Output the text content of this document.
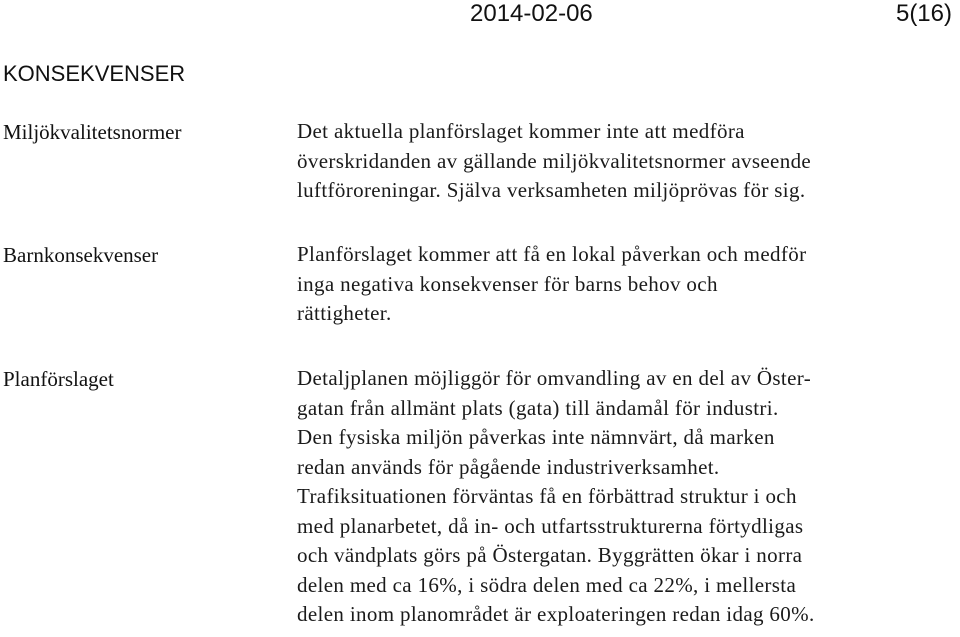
2014-02-06	5(16)
KONSEKVENSER
Miljökvalitetsnormer	Det aktuella planförslaget kommer inte att medföra
överskridanden av gällande miljökvalitetsnormer avseende
luftföroreningar. Själva verksamheten miljöprövas för sig.
Barnkonsekvenser	Planförslaget kommer att få en lokal påverkan och medför
inga negativa konsekvenser för barns behov och
rättigheter.
Planförslaget	Detaljplanen möjliggör för omvandling av en del av Öster-
gatan från allmänt plats (gata) till ändamål för industri.
Den fysiska miljön påverkas inte nämnvärt, då marken
redan används för pågående industriverksamhet.
Trafiksituationen förväntas få en förbättrad struktur i och
med planarbetet, då in- och utfartsstrukturerna förtydligas
och vändplats görs på Östergatan. Byggrätten ökar i norra
delen med ca 16%, i södra delen med ca 22%, i mellersta
delen inom planområdet är exploateringen redan idag 60%.
